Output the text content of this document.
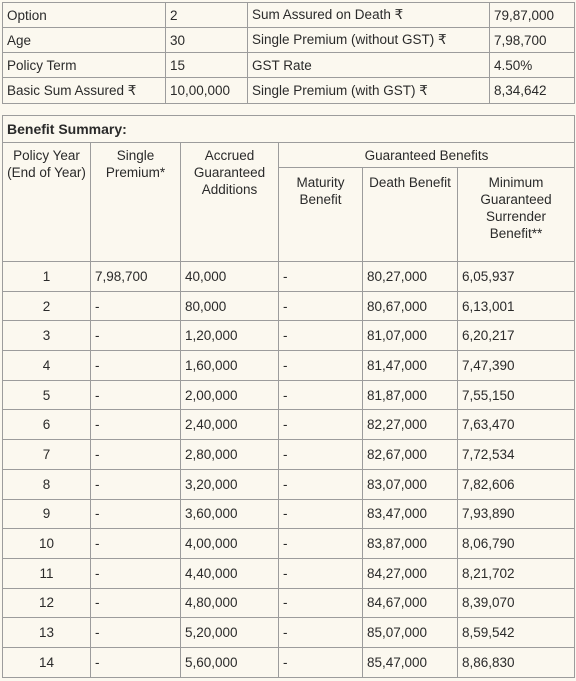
Option	2	Sum Assured on Death ₹	79,87,000
Age	30	Single Premium (without GST) ₹	7,98,700
Policy Term	15	GST Rate	4.50%
Basic Sum Assured ₹	10,00,000	Single Premium (with GST) ₹	8,34,642
Benefit Summary:					
Policy Year (End of Year)	Single Premium*	Accrued Guaranteed Additions	Guaranteed Benefits		
			Maturity Benefit	Death Benefit	Minimum Guaranteed Surrender Benefit**
1	7,98,700	40,000	-	80,27,000	6,05,937
2	-	80,000	-	80,67,000	6,13,001
3	-	1,20,000	-	81,07,000	6,20,217
4	-	1,60,000	-	81,47,000	7,47,390
5	-	2,00,000	-	81,87,000	7,55,150
6	-	2,40,000	-	82,27,000	7,63,470
7	-	2,80,000	-	82,67,000	7,72,534
8	-	3,20,000	-	83,07,000	7,82,606
9	-	3,60,000	-	83,47,000	7,93,890
10	-	4,00,000	-	83,87,000	8,06,790
11	-	4,40,000	-	84,27,000	8,21,702
12	-	4,80,000	-	84,67,000	8,39,070
13	-	5,20,000	-	85,07,000	8,59,542
14	-	5,60,000	-	85,47,000	8,86,830
